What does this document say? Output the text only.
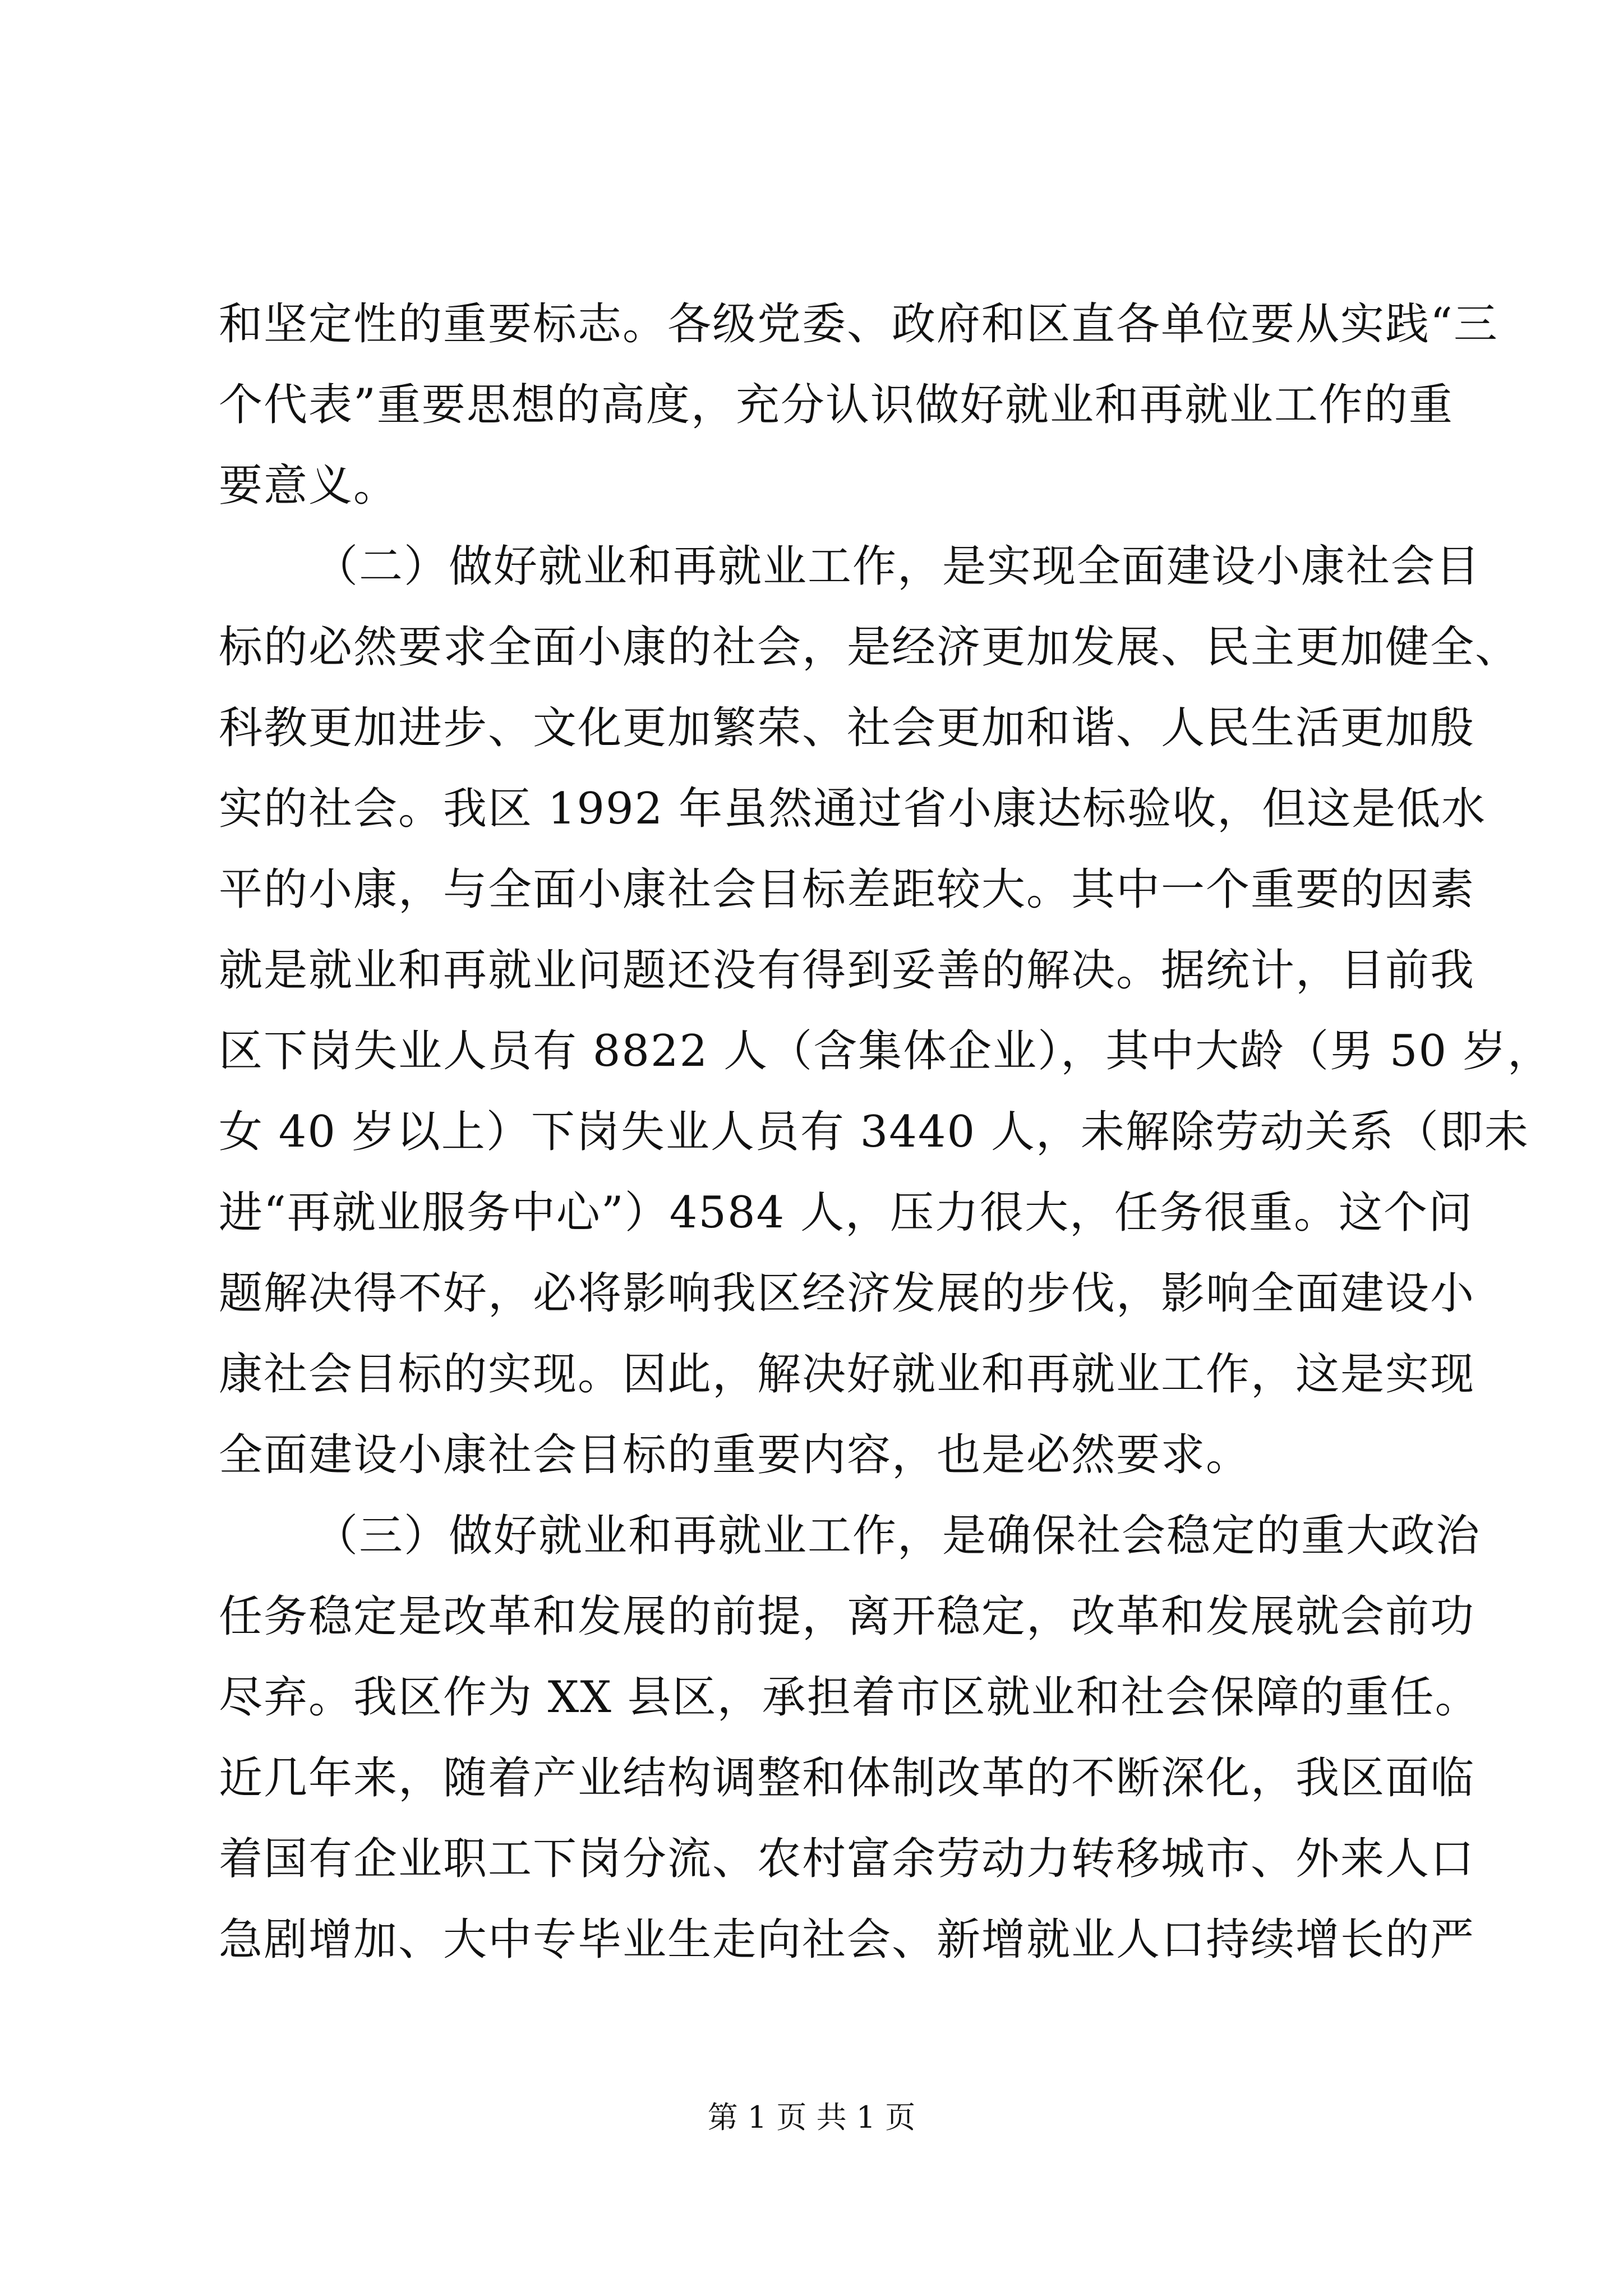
和坚定性的重要标志。各级党委、政府和区直各单位要从实践“三
个代表”重要思想的高度，充分认识做好就业和再就业工作的重
要意义。
（二）做好就业和再就业工作，是实现全面建设小康社会目
标的必然要求全面小康的社会，是经济更加发展、民主更加健全、
科教更加进步、文化更加繁荣、社会更加和谐、人民生活更加殷
实的社会。我区 1992 年虽然通过省小康达标验收，但这是低水
平的小康，与全面小康社会目标差距较大。其中一个重要的因素
就是就业和再就业问题还没有得到妥善的解决。据统计，目前我
区下岗失业人员有 8822 人（含集体企业），其中大龄（男 50 岁，
女 40 岁以上）下岗失业人员有 3440 人，未解除劳动关系（即未
进“再就业服务中心”）4584 人，压力很大，任务很重。这个问
题解决得不好，必将影响我区经济发展的步伐，影响全面建设小
康社会目标的实现。因此，解决好就业和再就业工作，这是实现
全面建设小康社会目标的重要内容，也是必然要求。
（三）做好就业和再就业工作，是确保社会稳定的重大政治
任务稳定是改革和发展的前提，离开稳定，改革和发展就会前功
尽弃。我区作为 XX 县区，承担着市区就业和社会保障的重任。
近几年来，随着产业结构调整和体制改革的不断深化，我区面临
着国有企业职工下岗分流、农村富余劳动力转移城市、外来人口
急剧增加、大中专毕业生走向社会、新增就业人口持续增长的严
第 1 页 共 1 页
